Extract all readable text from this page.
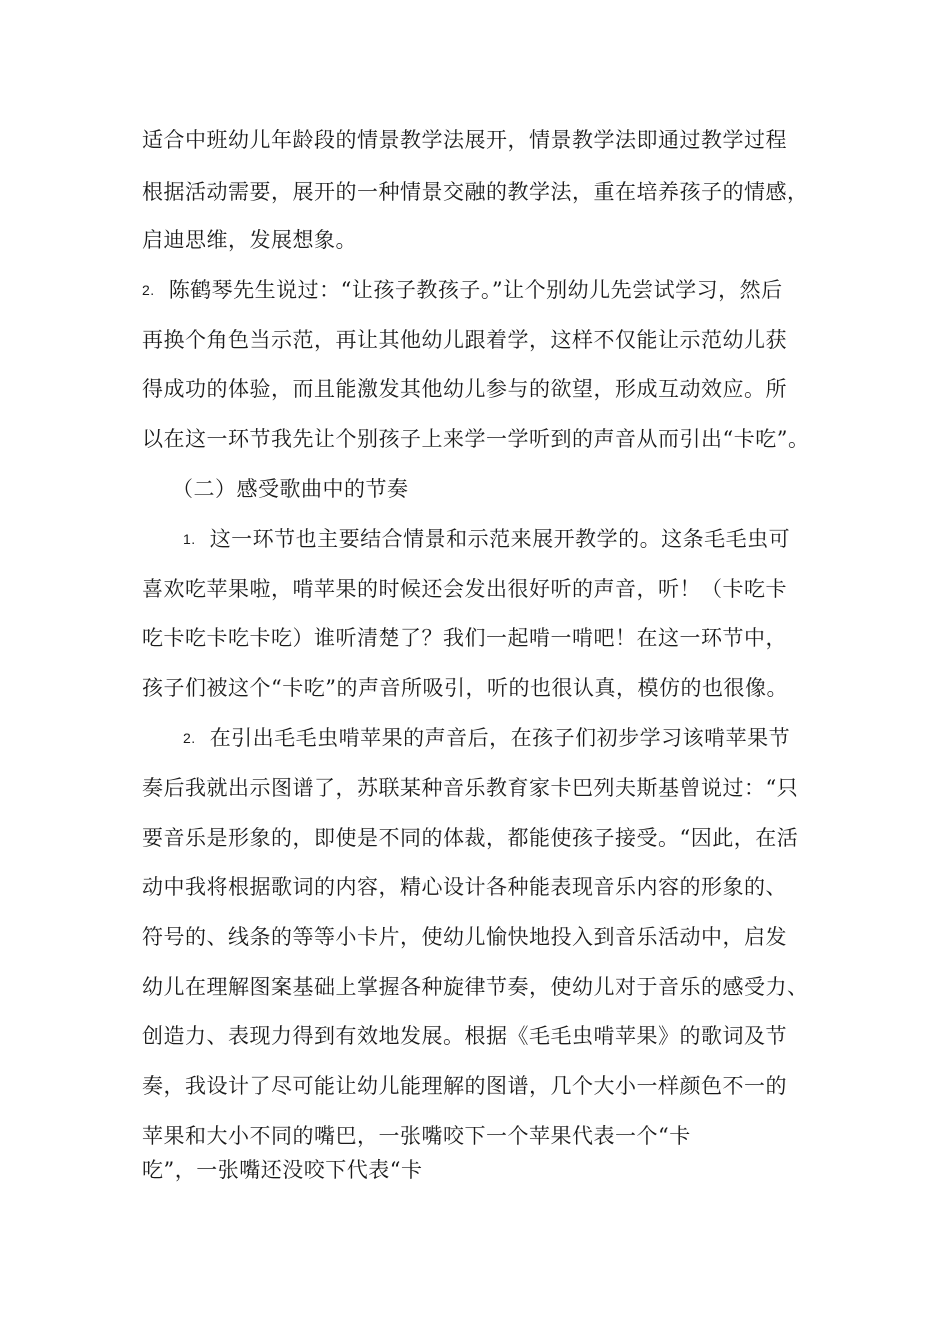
适合中班幼儿年龄段的情景教学法展开，情景教学法即通过教学过程
根据活动需要，展开的一种情景交融的教学法，重在培养孩子的情感，
启迪思维，发展想象。
2. 陈鹤琴先生说过：“让孩子教孩子。”让个别幼儿先尝试学习，然后
再换个角色当示范，再让其他幼儿跟着学，这样不仅能让示范幼儿获
得成功的体验，而且能激发其他幼儿参与的欲望，形成互动效应。所
以在这一环节我先让个别孩子上来学一学听到的声音从而引出“卡吃”。
（二）感受歌曲中的节奏
1. 这一环节也主要结合情景和示范来展开教学的。这条毛毛虫可
喜欢吃苹果啦，啃苹果的时候还会发出很好听的声音，听！（卡吃卡
吃卡吃卡吃卡吃）谁听清楚了？我们一起啃一啃吧！在这一环节中，
孩子们被这个“卡吃”的声音所吸引，听的也很认真，模仿的也很像。
2. 在引出毛毛虫啃苹果的声音后，在孩子们初步学习该啃苹果节
奏后我就出示图谱了，苏联某种音乐教育家卡巴列夫斯基曾说过：“只
要音乐是形象的，即使是不同的体裁，都能使孩子接受。“因此，在活
动中我将根据歌词的内容，精心设计各种能表现音乐内容的形象的、
符号的、线条的等等小卡片，使幼儿愉快地投入到音乐活动中，启发
幼儿在理解图案基础上掌握各种旋律节奏，使幼儿对于音乐的感受力、
创造力、表现力得到有效地发展。根据《毛毛虫啃苹果》的歌词及节
奏，我设计了尽可能让幼儿能理解的图谱，几个大小一样颜色不一的
苹果和大小不同的嘴巴，一张嘴咬下一个苹果代表一个“卡
吃”，一张嘴还没咬下代表“卡
